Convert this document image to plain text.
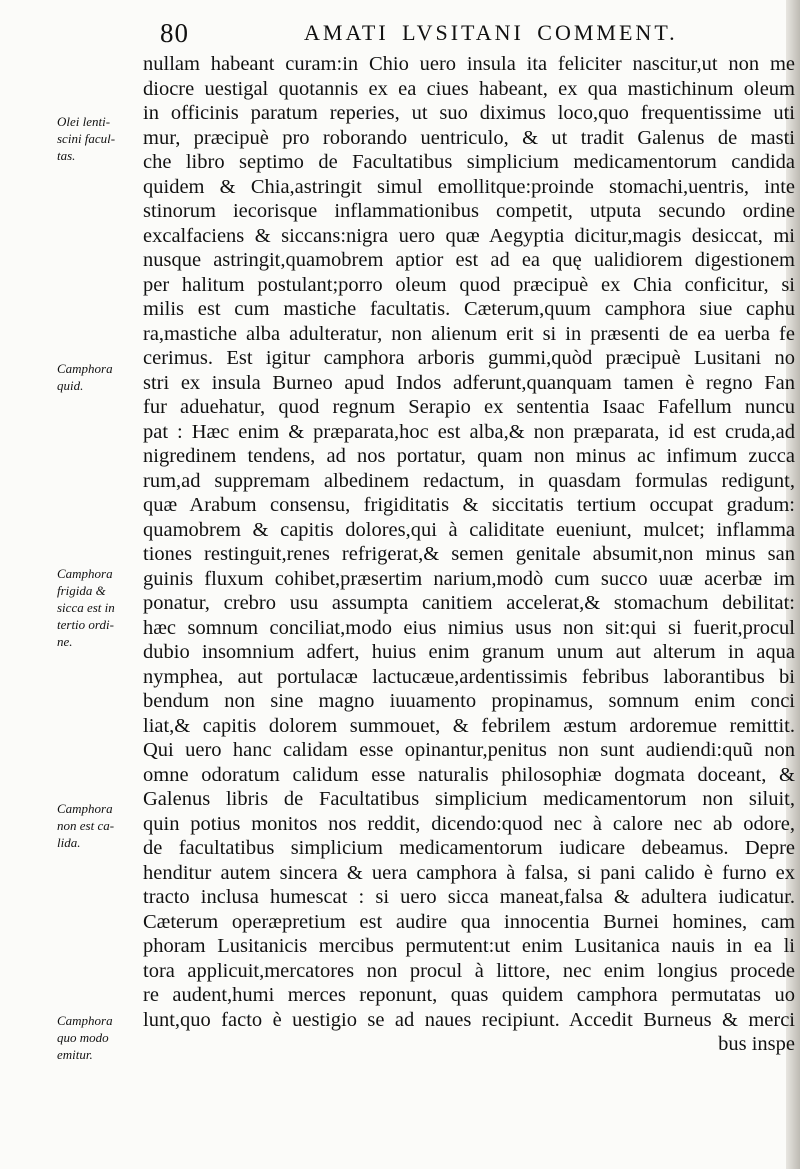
80	AMATI LVSITANI COMMENT.
nullam habeant curam:in Chio uero insula ita feliciter nascitur,ut non me
diocre uestigal quotannis ex ea ciues habeant, ex qua mastichinum oleum
in officinis paratum reperies, ut suo diximus loco,quo frequentissime uti
mur, præcipuè pro roborando uentriculo, & ut tradit Galenus de masti
che libro septimo de Facultatibus simplicium medicamentorum candida
quidem & Chia,astringit simul emollitque:proinde stomachi,uentris, inte
stinorum iecorisque inflammationibus competit, utputa secundo ordine
excalfaciens & siccans:nigra uero quæ Aegyptia dicitur,magis desiccat, mi
nusque astringit,quamobrem aptior est ad ea quę ualidiorem digestionem
per halitum postulant;porro oleum quod præcipuè ex Chia conficitur, si
milis est cum mastiche facultatis. Cæterum,quum camphora siue caphu
ra,mastiche alba adulteratur, non alienum erit si in præsenti de ea uerba fe
cerimus. Est igitur camphora arboris gummi,quòd præcipuè Lusitani no
stri ex insula Burneo apud Indos adferunt,quanquam tamen è regno Fan
fur aduehatur, quod regnum Serapio ex sententia Isaac Fafellum nuncu
pat : Hæc enim & præparata,hoc est alba,& non præparata, id est cruda,ad
nigredinem tendens, ad nos portatur, quam non minus ac infimum zucca
rum,ad suppremam albedinem redactum, in quasdam formulas redigunt,
quæ Arabum consensu, frigiditatis & siccitatis tertium occupat gradum:
quamobrem & capitis dolores,qui à caliditate eueniunt, mulcet; inflamma
tiones restinguit,renes refrigerat,& semen genitale absumit,non minus san
guinis fluxum cohibet,præsertim narium,modò cum succo uuæ acerbæ im
ponatur, crebro usu assumpta canitiem accelerat,& stomachum debilitat:
hæc somnum conciliat,modo eius nimius usus non sit:qui si fuerit,procul
dubio insomnium adfert, huius enim granum unum aut alterum in aqua
nymphea, aut portulacæ lactucæue,ardentissimis febribus laborantibus bi
bendum non sine magno iuuamento propinamus, somnum enim conci
liat,& capitis dolorem summouet, & febrilem æstum ardoremue remittit.
Qui uero hanc calidam esse opinantur,penitus non sunt audiendi:quũ non
omne odoratum calidum esse naturalis philosophiæ dogmata doceant, &
Galenus libris de Facultatibus simplicium medicamentorum non siluit,
quin potius monitos nos reddit, dicendo:quod nec à calore nec ab odore,
de facultatibus simplicium medicamentorum iudicare debeamus. Depre
henditur autem sincera & uera camphora à falsa, si pani calido è furno ex
tracto inclusa humescat : si uero sicca maneat,falsa & adultera iudicatur.
Cæterum operæpretium est audire qua innocentia Burnei homines, cam
phoram Lusitanicis mercibus permutent:ut enim Lusitanica nauis in ea li
tora applicuit,mercatores non procul à littore, nec enim longius procede
re audent,humi merces reponunt, quas quidem camphora permutatas uo
lunt,quo facto è uestigio se ad naues recipiunt. Accedit Burneus & merci
bus inspe
Olei lenti-
scini facul-
tas.
Camphora
quid.
Camphora
frigida &
sicca est in
tertio ordi-
ne.
Camphora
non est ca-
lida.
Camphora
quo modo
emitur.
